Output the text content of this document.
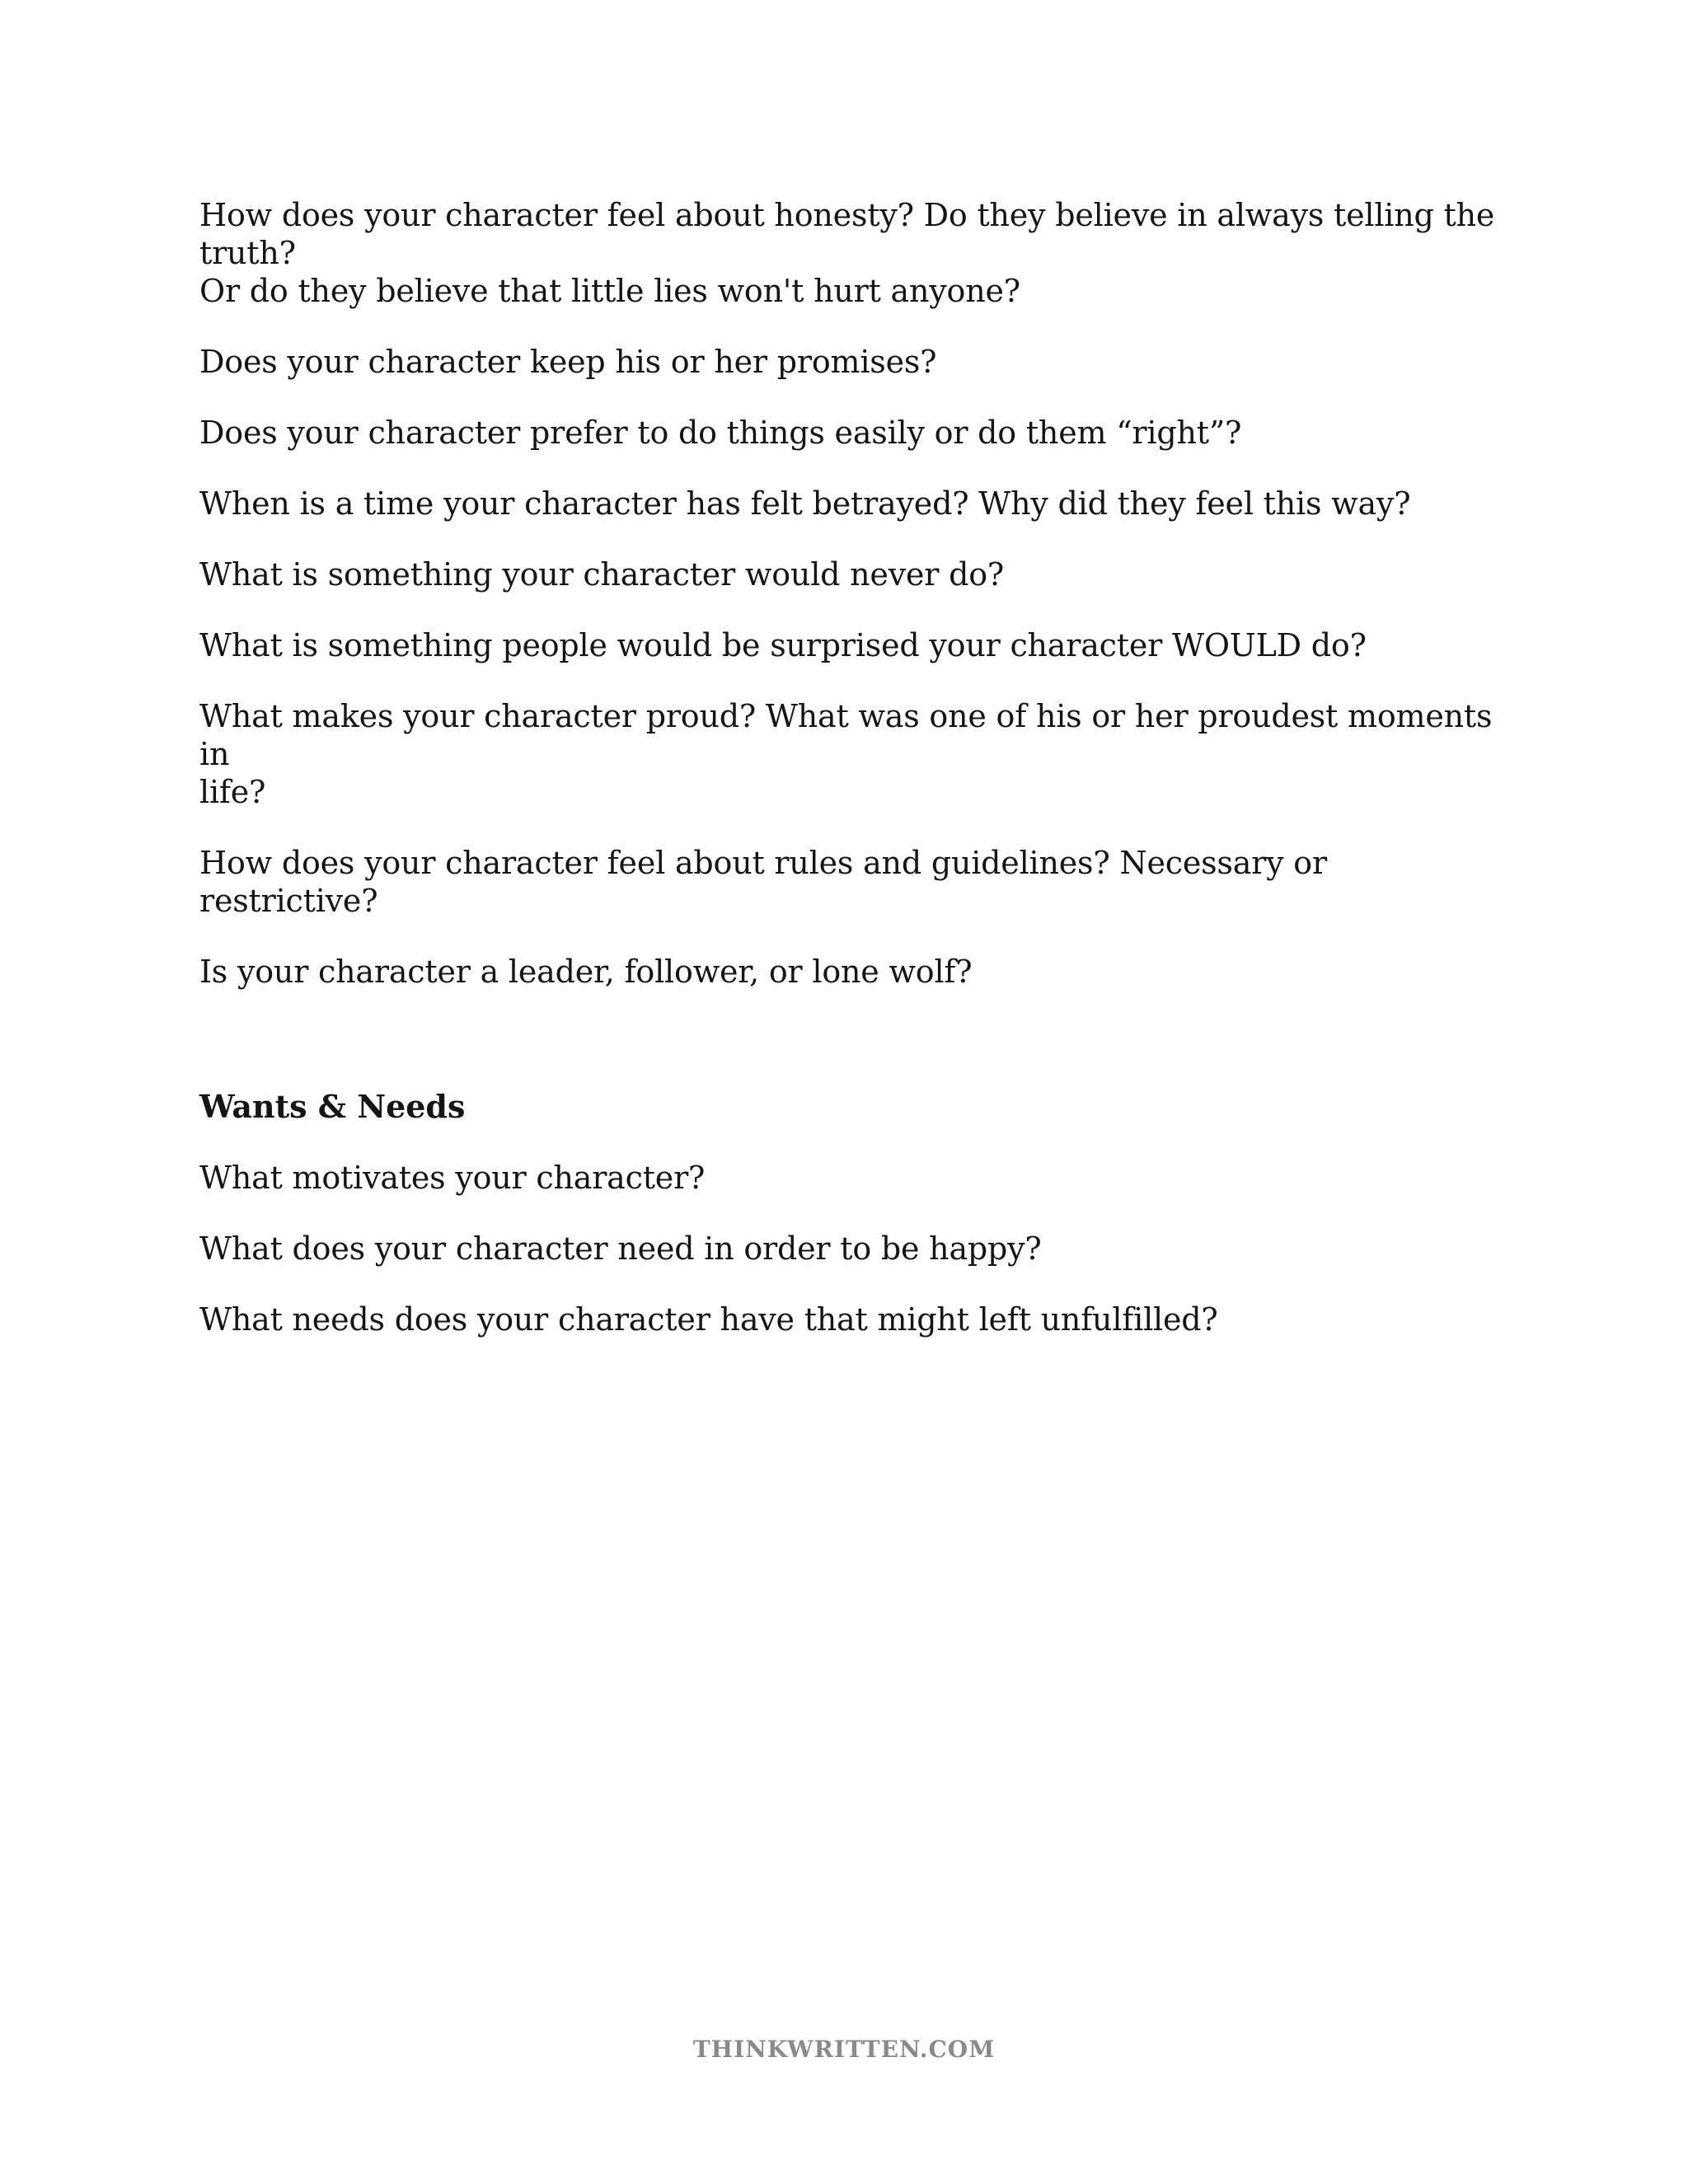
How does your character feel about honesty? Do they believe in always telling the truth?
Or do they believe that little lies won't hurt anyone?

Does your character keep his or her promises?

Does your character prefer to do things easily or do them “right”?

When is a time your character has felt betrayed? Why did they feel this way?

What is something your character would never do?

What is something people would be surprised your character WOULD do?

What makes your character proud? What was one of his or her proudest moments in
life?

How does your character feel about rules and guidelines? Necessary or restrictive?

Is your character a leader, follower, or lone wolf?

Wants & Needs

What motivates your character?

What does your character need in order to be happy?

What needs does your character have that might left unfulfilled?

THINKWRITTEN.COM
